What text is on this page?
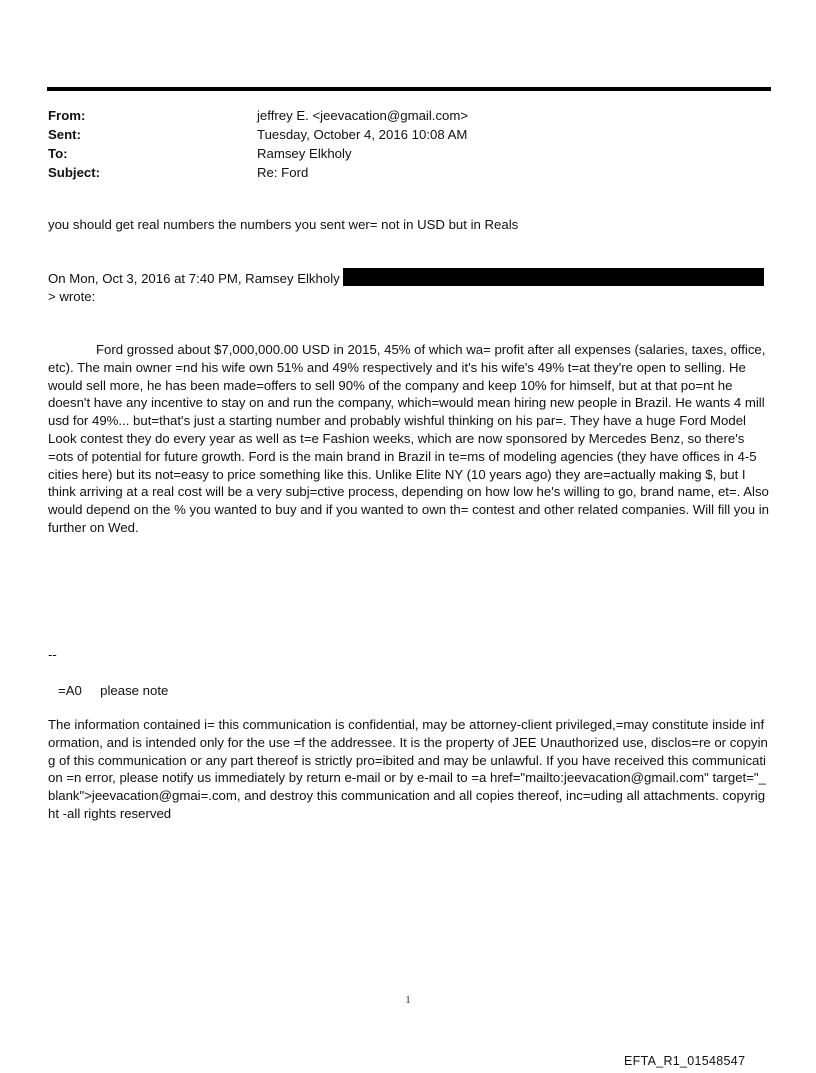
From:	jeffrey E. <jeevacation@gmail.com>
Sent:	Tuesday, October 4, 2016 10:08 AM
To:	Ramsey Elkholy
Subject:	Re: Ford
you should get real numbers the numbers you sent wer= not in USD but in Reals
On Mon, Oct 3, 2016 at 7:40 PM, Ramsey Elkholy
> wrote:
Ford grossed about $7,000,000.00 USD in 2015, 45% of which wa= profit after all expenses (salaries, taxes, office, etc). The main owner =nd his wife own 51% and 49% respectively and it's his wife's 49% t=at they're open to selling. He would sell more, he has been made=offers to sell 90% of the company and keep 10% for himself, but at that po=nt he doesn't have any incentive to stay on and run the company, which=would mean hiring new people in Brazil. He wants 4 mill usd for 49%... but=that's just a starting number and probably wishful thinking on his par=. They have a huge Ford Model Look contest they do every year as well as t=e Fashion weeks, which are now sponsored by Mercedes Benz, so there's =ots of potential for future growth. Ford is the main brand in Brazil in te=ms of modeling agencies (they have offices in 4-5 cities here) but its not=easy to price something like this. Unlike Elite NY (10 years ago) they are=actually making $, but I think arriving at a real cost will be a very subj=ctive process, depending on how low he's willing to go, brand name, et=. Also would depend on the % you wanted to buy and if you wanted to own th= contest and other related companies. Will fill you in further on Wed.
--
=A0     please note
The information contained i= this communication is confidential, may be attorney-client privileged,=may constitute inside information, and is intended only for the use =f the addressee. It is the property of JEE Unauthorized use, disclos=re or copying of this communication or any part thereof is strictly pro=ibited and may be unlawful. If you have received this communication =n error, please notify us immediately by return e-mail or by e-mail to =a href="mailto:jeevacation@gmail.com" target="_blank">jeevacation@gmai=.com, and destroy this communication and all copies thereof, inc=uding all attachments. copyright -all rights reserved
1
EFTA_R1_01548547
